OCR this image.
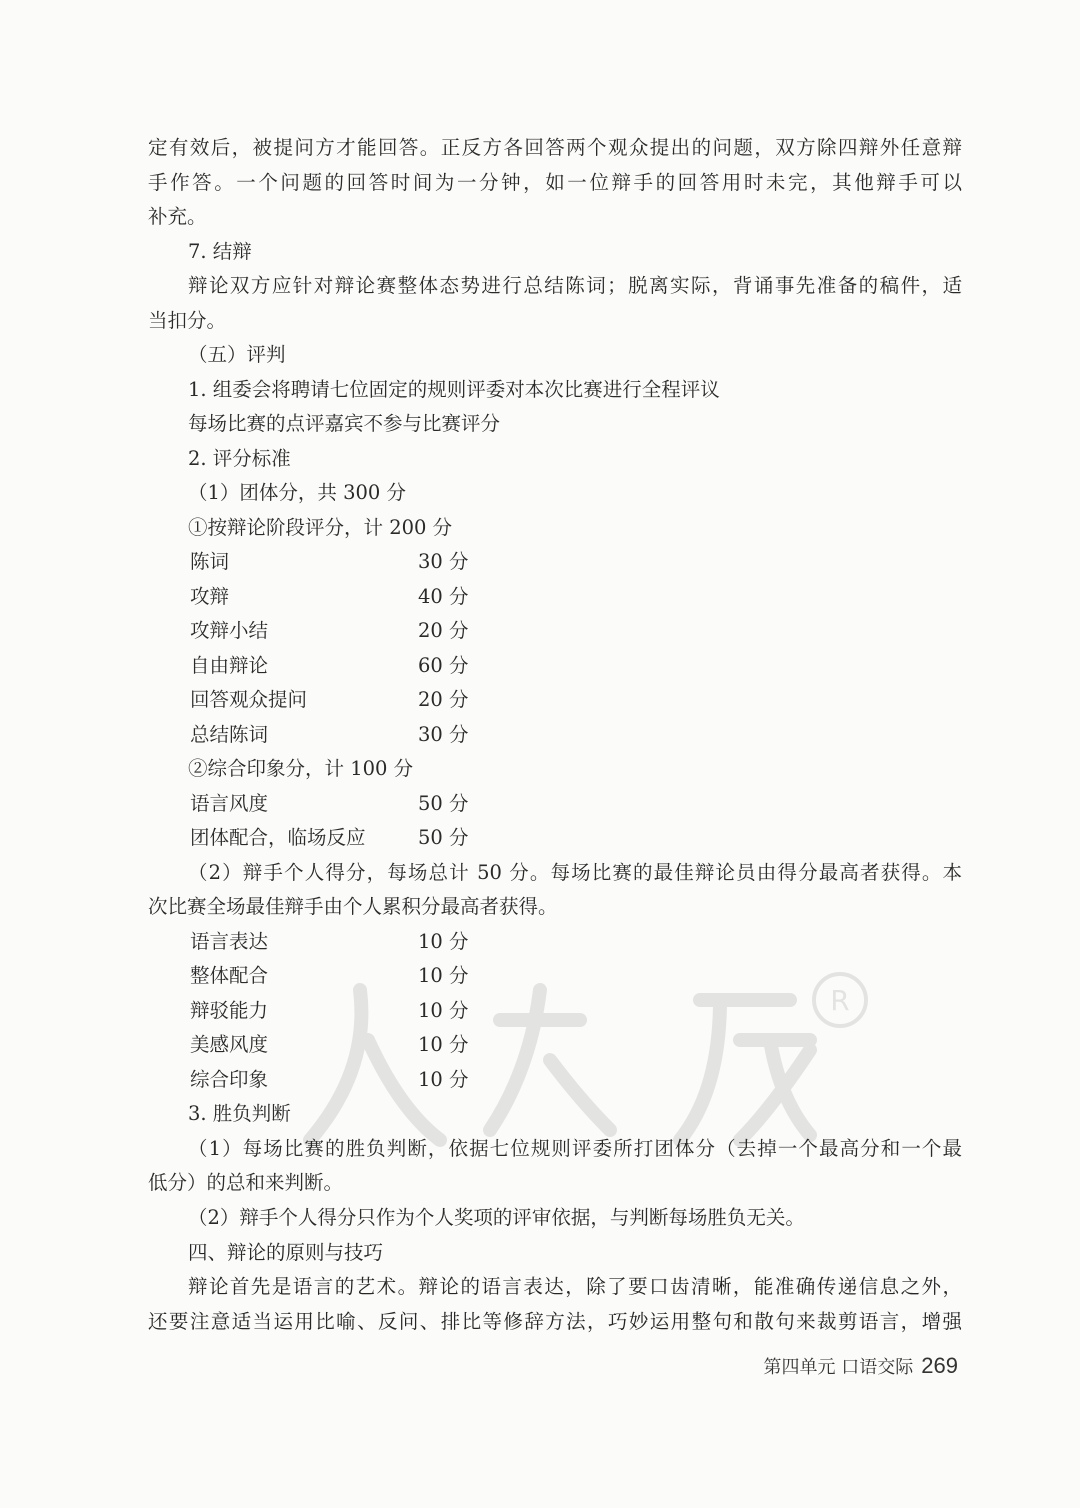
定有效后，被提问方才能回答。正反方各回答两个观众提出的问题，双方除四辩外任意辩
手作答。一个问题的回答时间为一分钟，如一位辩手的回答用时未完，其他辩手可以
补充。
7. 结辩
辩论双方应针对辩论赛整体态势进行总结陈词；脱离实际，背诵事先准备的稿件，适
当扣分。
（五）评判
1. 组委会将聘请七位固定的规则评委对本次比赛进行全程评议
每场比赛的点评嘉宾不参与比赛评分
2. 评分标准
（1）团体分，共 300 分
①按辩论阶段评分，计 200 分
陈词	30 分
攻辩	40 分
攻辩小结	20 分
自由辩论	60 分
回答观众提问	20 分
总结陈词	30 分
②综合印象分，计 100 分
语言风度	50 分
团体配合，临场反应	50 分
（2）辩手个人得分，每场总计 50 分。每场比赛的最佳辩论员由得分最高者获得。本
次比赛全场最佳辩手由个人累积分最高者获得。
语言表达	10 分
整体配合	10 分
辩驳能力	10 分
美感风度	10 分
综合印象	10 分
3. 胜负判断
（1）每场比赛的胜负判断，依据七位规则评委所打团体分（去掉一个最高分和一个最
低分）的总和来判断。
（2）辩手个人得分只作为个人奖项的评审依据，与判断每场胜负无关。
四、辩论的原则与技巧
辩论首先是语言的艺术。辩论的语言表达，除了要口齿清晰，能准确传递信息之外，
还要注意适当运用比喻、反问、排比等修辞方法，巧妙运用整句和散句来裁剪语言，增强
第四单元 口语交际 269
R
